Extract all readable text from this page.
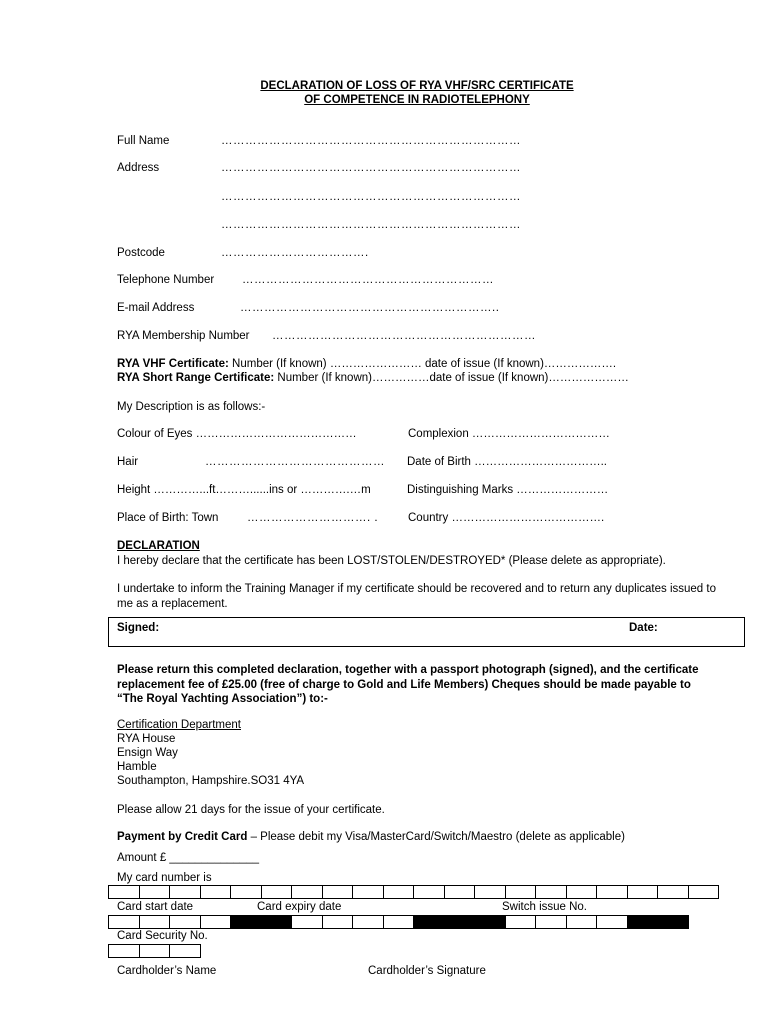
DECLARATION OF LOSS OF RYA VHF/SRC CERTIFICATE
OF COMPETENCE IN RADIOTELEPHONY
Full Name	…………………………………………………………………
Address	…………………………………………………………………
…………………………………………………………………
…………………………………………………………………
Postcode	……………………………….
Telephone Number ………………………………………………………
E-mail Address	………………………………………………………..
RYA Membership Number …………………………………………………………
RYA VHF Certificate: Number (If known) …………………… date of issue (If known)……………….
RYA Short Range Certificate: Number (If known)……………date of issue (If known)…………………
My Description is as follows:-
Colour of Eyes ……………………………………	Complexion ………………………………
Hair	……………………………………… Date of Birth ……………………………..
Height …………...ft………......ins or ………….…m	Distinguishing Marks ……………………
Place of Birth: Town …………………………. .	Country ………………………………….
DECLARATION
I hereby declare that the certificate has been LOST/STOLEN/DESTROYED* (Please delete as appropriate).
I undertake to inform the Training Manager if my certificate should be recovered and to return any duplicates issued to me as a replacement.
Signed:	Date:
Please return this completed declaration, together with a passport photograph (signed), and the certificate replacement fee of £25.00 (free of charge to Gold and Life Members) Cheques should be made payable to “The Royal Yachting Association”) to:-
Certification Department
RYA House
Ensign Way
Hamble
Southampton, Hampshire.SO31 4YA
Please allow 21 days for the issue of your certificate.
Payment by Credit Card – Please debit my Visa/MasterCard/Switch/Maestro (delete as applicable)
Amount £ ______________
My card number is
Card start date	Card expiry date	Switch issue No.
Card Security No.
Cardholder’s Name	Cardholder’s Signature
